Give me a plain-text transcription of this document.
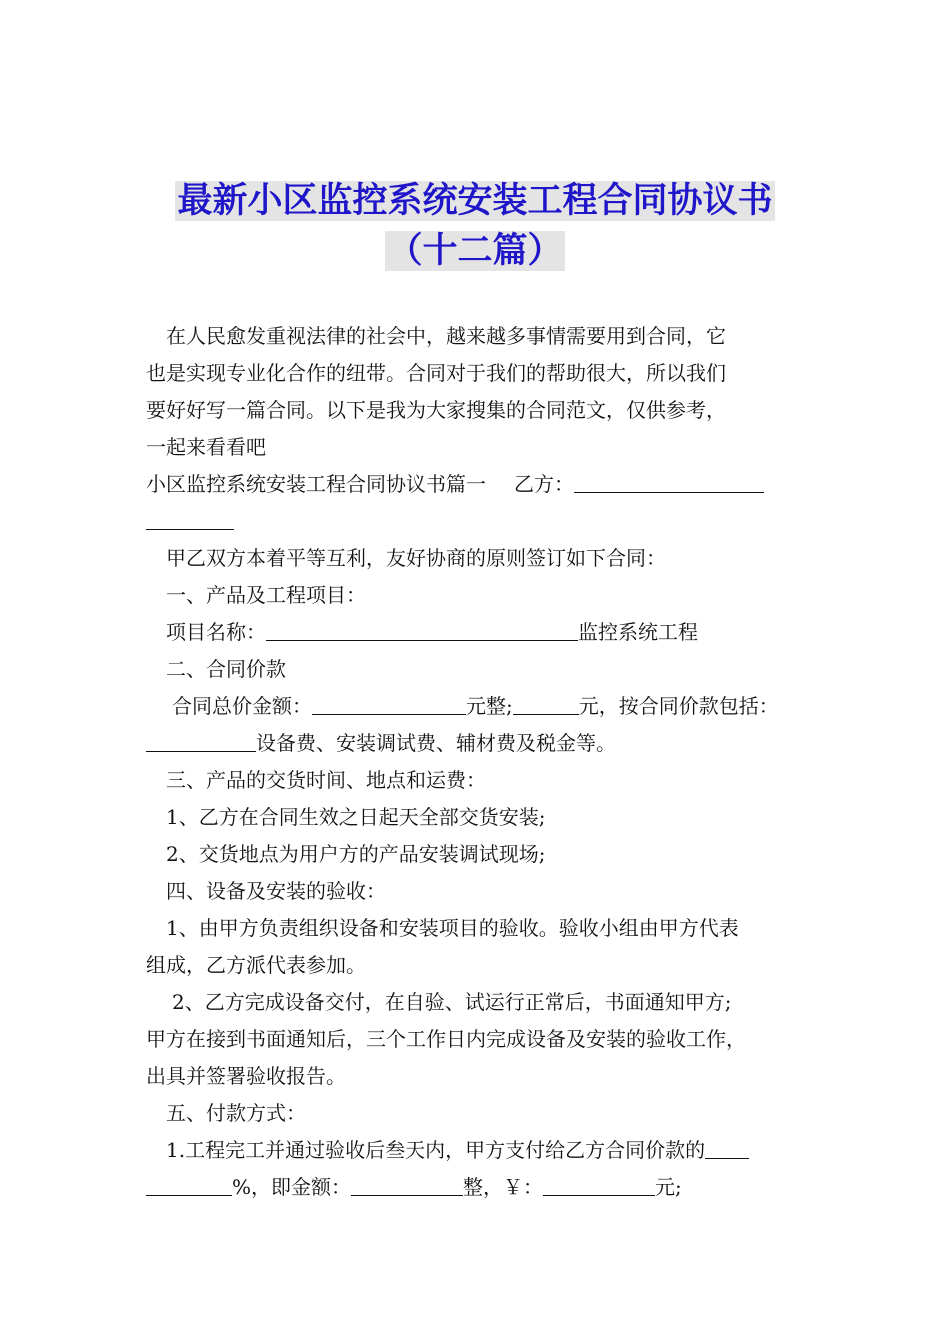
最新小区监控系统安装工程合同协议书
（十二篇）

在人民愈发重视法律的社会中，越来越多事情需要用到合同，它

也是实现专业化合作的纽带。合同对于我们的帮助很大，所以我们

要好好写一篇合同。以下是我为大家搜集的合同范文，仅供参考，

一起来看看吧

小区监控系统安装工程合同协议书篇一 乙方：

甲乙双方本着平等互利，友好协商的原则签订如下合同：

一、产品及工程项目：

项目名称：	监控系统工程

二、合同价款

合同总价金额：	元整;	元，按合同价款包括：

设备费、安装调试费、辅材费及税金等。

三、产品的交货时间、地点和运费：

1、乙方在合同生效之日起天全部交货安装;

2、交货地点为用户方的产品安装调试现场;

四、设备及安装的验收：

1、由甲方负责组织设备和安装项目的验收。验收小组由甲方代表

组成，乙方派代表参加。

2、乙方完成设备交付，在自验、试运行正常后，书面通知甲方;

甲方在接到书面通知后，三个工作日内完成设备及安装的验收工作，

出具并签署验收报告。

五、付款方式：

1.工程完工并通过验收后叁天内，甲方支付给乙方合同价款的

%，即金额：	整，￥：	元;
